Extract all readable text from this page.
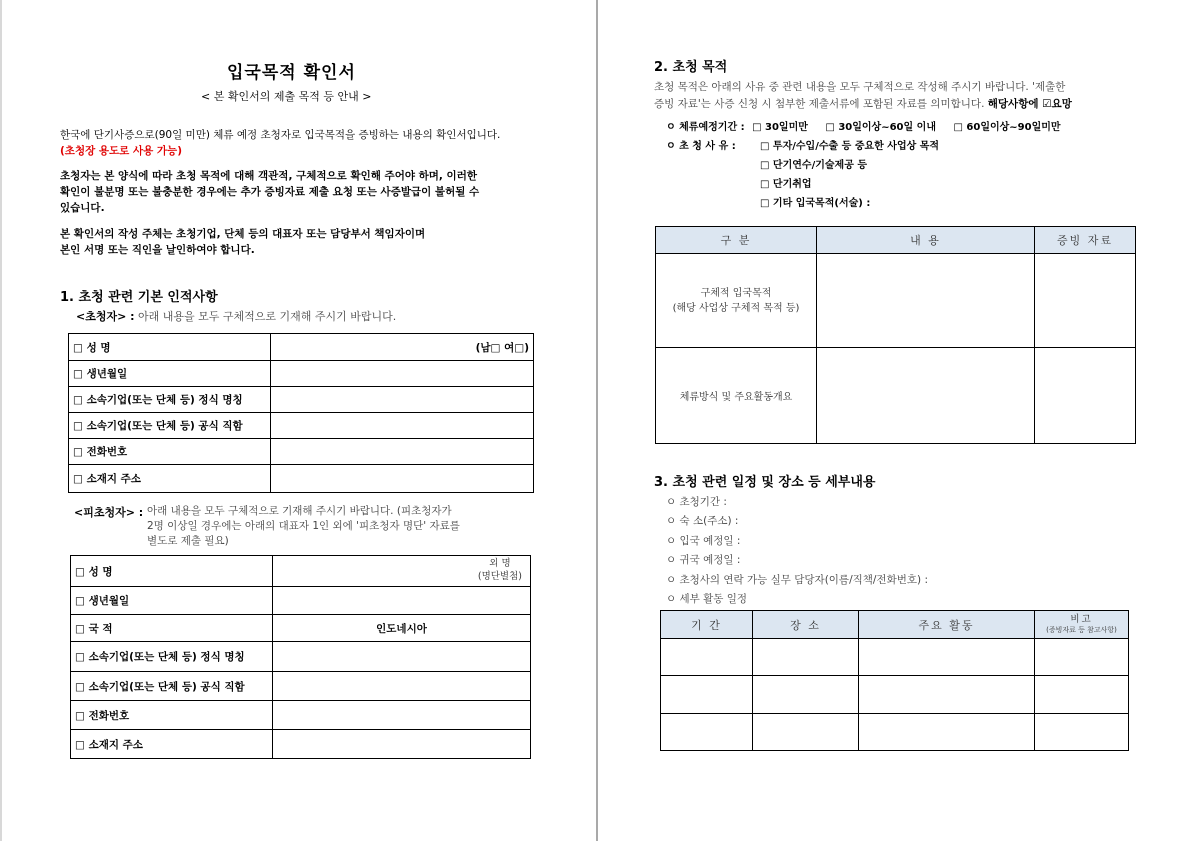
입국목적 확인서
< 본 확인서의 제출 목적 등 안내 >
한국에 단기사증으로(90일 미만) 체류 예정 초청자로 입국목적을 증빙하는 내용의 확인서입니다.
(초청장 용도로 사용 가능)
초청자는 본 양식에 따라 초청 목적에 대해 객관적, 구체적으로 확인해 주어야 하며, 이러한
확인이 불분명 또는 불충분한 경우에는 추가 증빙자료 제출 요청 또는 사증발급이 불허될 수
있습니다.
본 확인서의 작성 주체는 초청기업, 단체 등의 대표자 또는 담당부서 책임자이며
본인 서명 또는 직인을 날인하여야 합니다.
1. 초청 관련 기본 인적사항
<초청자> : 아래 내용을 모두 구체적으로 기재해 주시기 바랍니다.
□ 성 명	(남□ 여□)
□ 생년월일	
□ 소속기업(또는 단체 등) 정식 명칭	
□ 소속기업(또는 단체 등) 공식 직함	
□ 전화번호	
□ 소재지 주소	
<피초청자> : 아래 내용을 모두 구체적으로 기재해 주시기 바랍니다. (피초청자가
2명 이상일 경우에는 아래의 대표자 1인 외에 '피초청자 명단' 자료를
별도로 제출 필요)
□ 성 명	외 명
(명단별첨)

□ 생년월일	
□ 국 적	인도네시아
□ 소속기업(또는 단체 등) 정식 명칭	
□ 소속기업(또는 단체 등) 공식 직함	
□ 전화번호	
□ 소재지 주소	
2. 초청 목적
초청 목적은 아래의 사유 중 관련 내용을 모두 구체적으로 작성해 주시기 바랍니다. '제출한
증빙 자료'는 사증 신청 시 첨부한 제출서류에 포함된 자료를 의미합니다. 해당사항에 ☑요망
ㅇ 체류예정기간 : □ 30일미만 □ 30일이상~60일 이내 □ 60일이상~90일미만
ㅇ 초 청 사 유 : □ 투자/수입/수출 등 중요한 사업상 목적
□ 단기연수/기술제공 등
□ 단기취업
□ 기타 입국목적(서술) :
구 분	내 용	증빙 자료

구체적 입국목적
(해당 사업상 구체적 목적 등)		

체류방식 및 주요활동개요		
3. 초청 관련 일정 및 장소 등 세부내용
ㅇ 초청기간 :
ㅇ 숙 소(주소) :
ㅇ 입국 예정일 :
ㅇ 귀국 예정일 :
ㅇ 초청사의 연락 가능 실무 담당자(이름/직책/전화번호) :
ㅇ 세부 활동 일정
기 간	장 소	주요 활동	비고
(증빙자료 등 참고사항)
